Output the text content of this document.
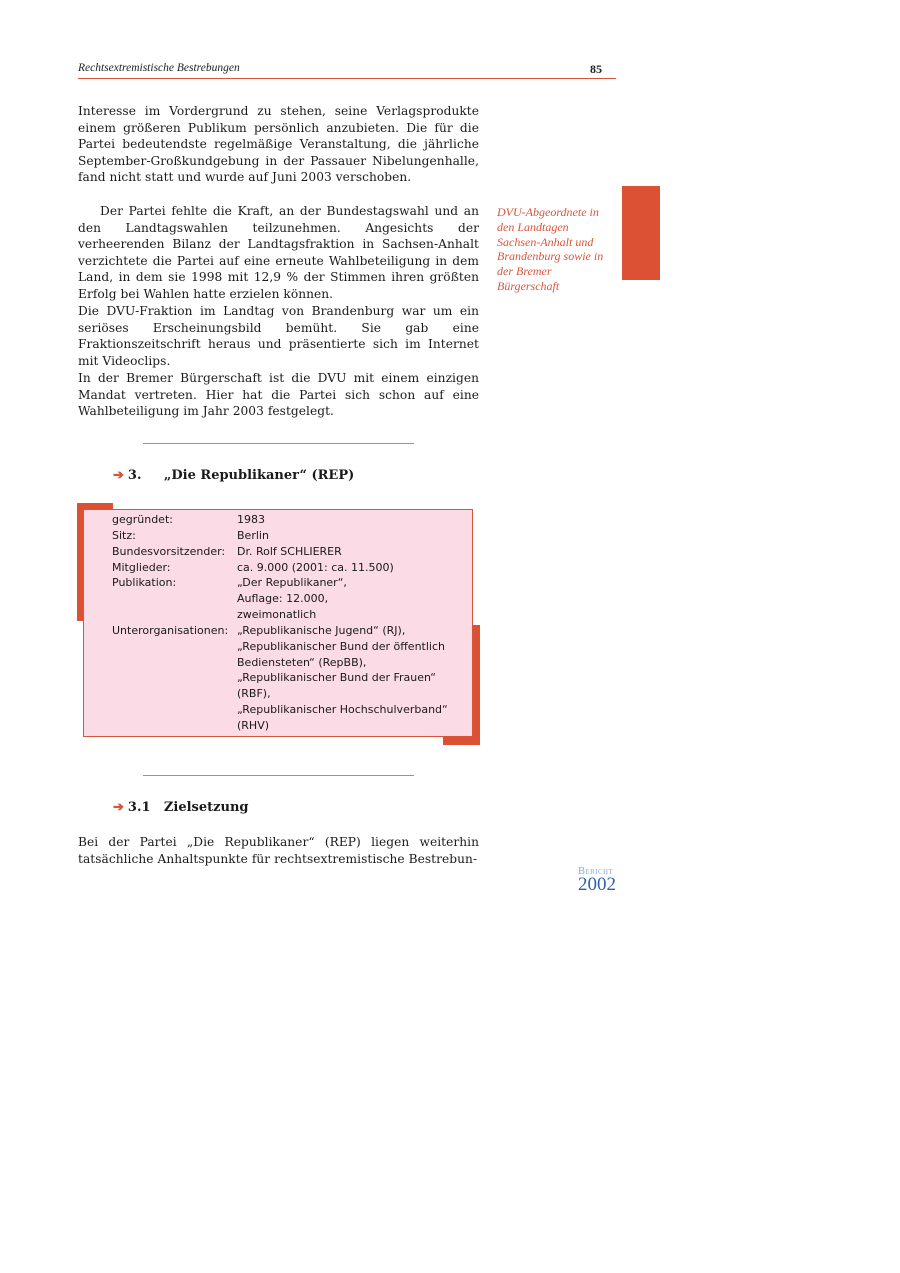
Rechtsextremistische Bestrebungen	85

Interesse im Vordergrund zu stehen, seine Verlagsprodukte einem größeren Publikum persönlich anzubieten. Die für die Partei bedeutendste regelmäßige Veranstaltung, die jährliche September-Großkundgebung in der Passauer Nibelungenhalle, fand nicht statt und wurde auf Juni 2003 verschoben.

Der Partei fehlte die Kraft, an der Bundestagswahl und an den Landtagswahlen teilzunehmen. Angesichts der verheerenden Bilanz der Landtagsfraktion in Sachsen-Anhalt verzichtete die Partei auf eine erneute Wahlbeteiligung in dem Land, in dem sie 1998 mit 12,9 % der Stimmen ihren größten Erfolg bei Wahlen hatte erzielen können.

Die DVU-Fraktion im Landtag von Brandenburg war um ein seriöses Erscheinungsbild bemüht. Sie gab eine Fraktionszeitschrift heraus und präsentierte sich im Internet mit Videoclips.

In der Bremer Bürgerschaft ist die DVU mit einem einzigen Mandat vertreten. Hier hat die Partei sich schon auf eine Wahlbeteiligung im Jahr 2003 festgelegt.

DVU-Abgeordnete in den Landtagen Sachsen-Anhalt und Brandenburg sowie in der Bremer Bürgerschaft

➔ 3. „Die Republikaner“ (REP)
gegründet:	1983
Sitz:	Berlin
Bundesvorsitzender:	Dr. Rolf SCHLIERER
Mitglieder:	ca. 9.000 (2001: ca. 11.500)
Publikation:	„Der Republikaner“,
Auflage: 12.000,
zweimonatlich
Unterorganisationen: „Republikanische Jugend“ (RJ),
„Republikanischer Bund der öffentlich
Bediensteten“ (RepBB),
„Republikanischer Bund der Frauen“
(RBF),
„Republikanischer Hochschulverband“
(RHV)
➔ 3.1 Zielsetzung

Bei der Partei „Die Republikaner“ (REP) liegen weiterhin tatsächliche Anhaltspunkte für rechtsextremistische Bestrebun-

Bericht
2002
